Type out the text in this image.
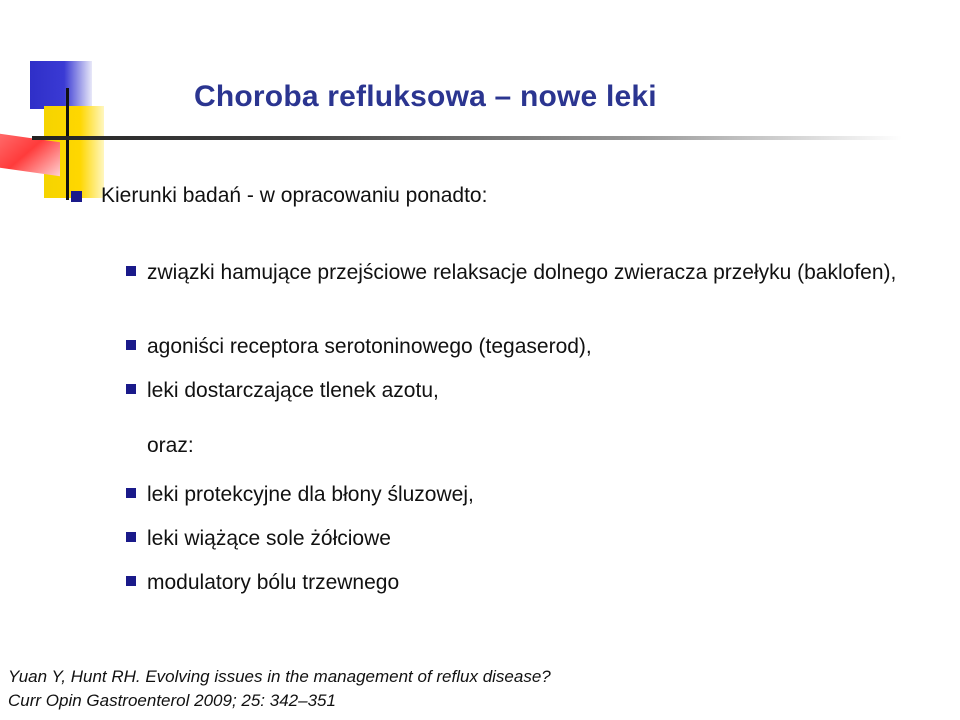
Choroba refluksowa – nowe leki
Kierunki badań - w opracowaniu ponadto:
związki hamujące przejściowe relaksacje dolnego zwieracza przełyku (baklofen),
agoniści receptora serotoninowego (tegaserod),
leki dostarczające tlenek azotu,
oraz:
leki protekcyjne dla błony śluzowej,
leki wiążące sole żółciowe
modulatory bólu trzewnego
Yuan Y, Hunt RH. Evolving issues in the management of reflux disease?
Curr Opin Gastroenterol 2009; 25: 342–351
